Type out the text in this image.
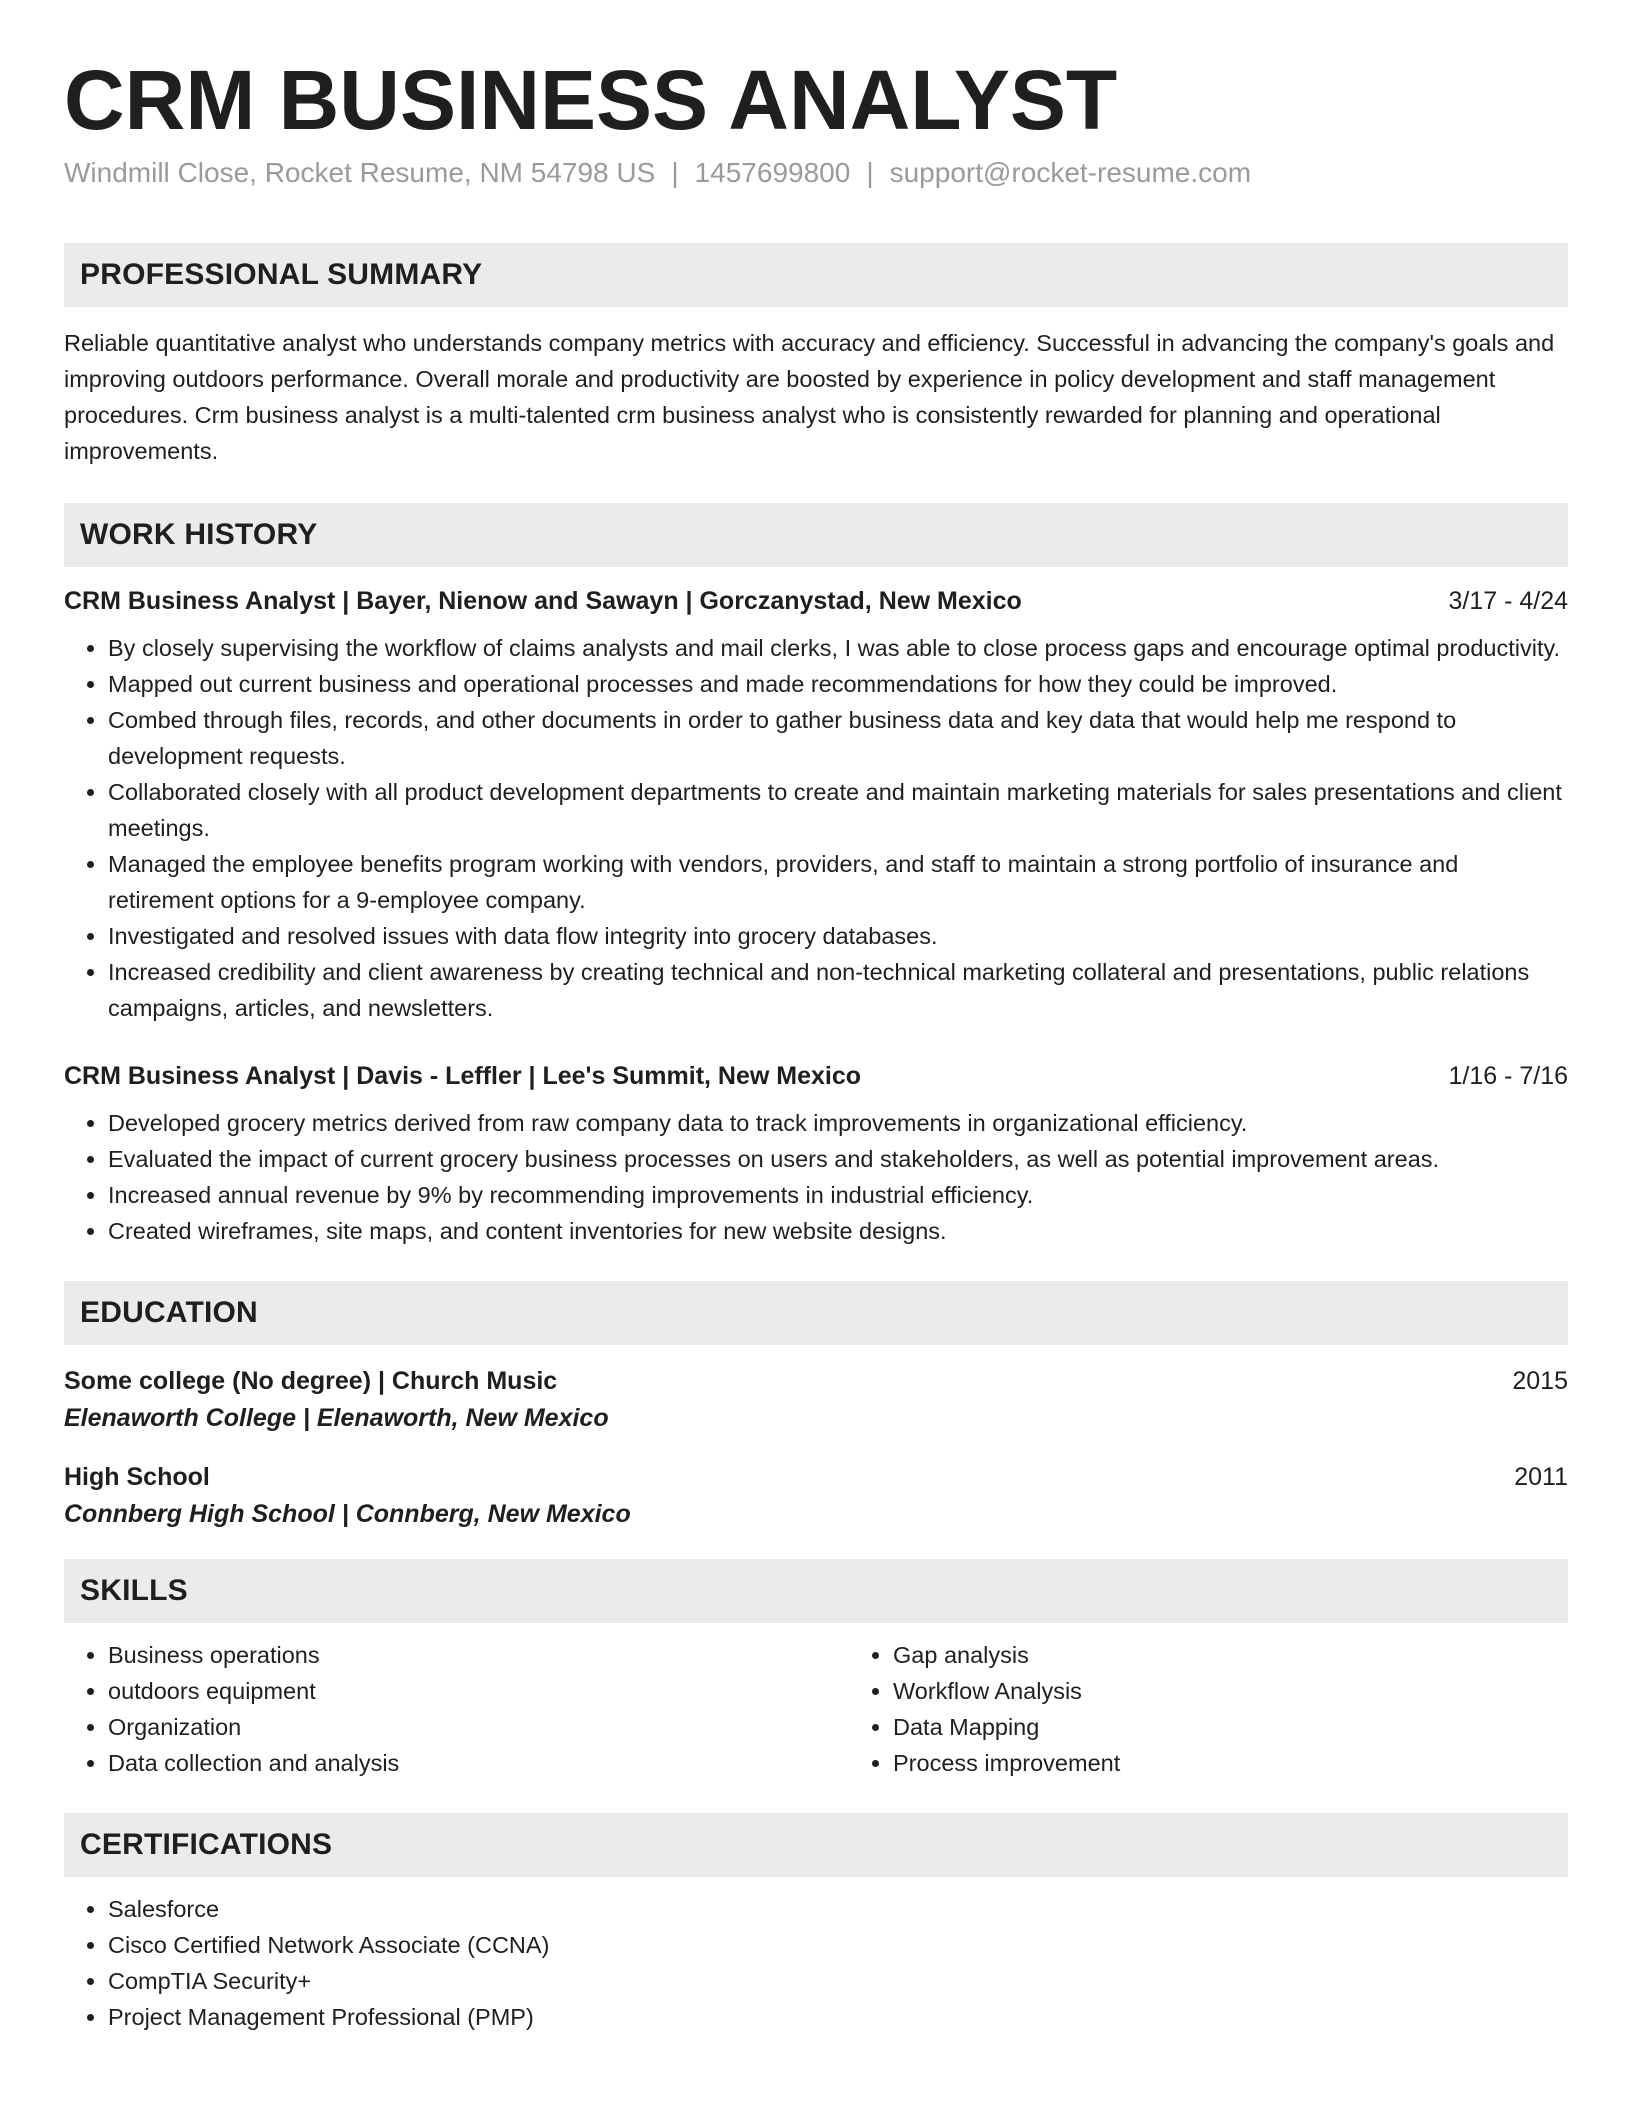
CRM BUSINESS ANALYST
Windmill Close, Rocket Resume, NM 54798 US | 1457699800 | support@rocket-resume.com
PROFESSIONAL SUMMARY
Reliable quantitative analyst who understands company metrics with accuracy and efficiency. Successful in advancing the company's goals and improving outdoors performance. Overall morale and productivity are boosted by experience in policy development and staff management procedures. Crm business analyst is a multi-talented crm business analyst who is consistently rewarded for planning and operational improvements.
WORK HISTORY
CRM Business Analyst | Bayer, Nienow and Sawayn | Gorczanystad, New Mexico	3/17 - 4/24
• By closely supervising the workflow of claims analysts and mail clerks, I was able to close process gaps and encourage optimal productivity.
• Mapped out current business and operational processes and made recommendations for how they could be improved.
• Combed through files, records, and other documents in order to gather business data and key data that would help me respond to development requests.
• Collaborated closely with all product development departments to create and maintain marketing materials for sales presentations and client meetings.
• Managed the employee benefits program working with vendors, providers, and staff to maintain a strong portfolio of insurance and retirement options for a 9-employee company.
• Investigated and resolved issues with data flow integrity into grocery databases.
• Increased credibility and client awareness by creating technical and non-technical marketing collateral and presentations, public relations campaigns, articles, and newsletters.
CRM Business Analyst | Davis - Leffler | Lee's Summit, New Mexico	1/16 - 7/16
• Developed grocery metrics derived from raw company data to track improvements in organizational efficiency.
• Evaluated the impact of current grocery business processes on users and stakeholders, as well as potential improvement areas.
• Increased annual revenue by 9% by recommending improvements in industrial efficiency.
• Created wireframes, site maps, and content inventories for new website designs.
EDUCATION
Some college (No degree) | Church Music	2015
Elenaworth College | Elenaworth, New Mexico
High School	2011
Connberg High School | Connberg, New Mexico
SKILLS
• Business operations
• outdoors equipment
• Organization
• Data collection and analysis
• Gap analysis
• Workflow Analysis
• Data Mapping
• Process improvement
CERTIFICATIONS
• Salesforce
• Cisco Certified Network Associate (CCNA)
• CompTIA Security+
• Project Management Professional (PMP)
